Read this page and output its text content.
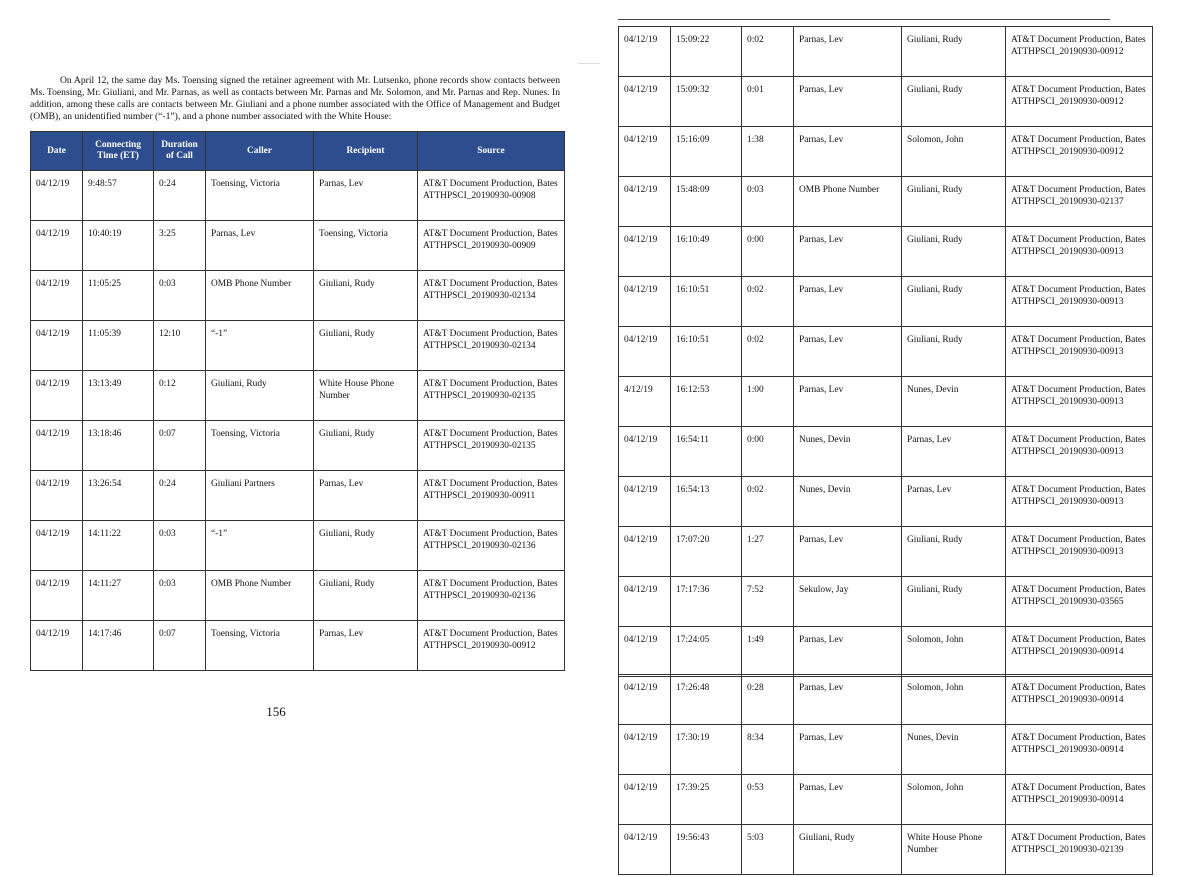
On April 12, the same day Ms. Toensing signed the retainer agreement with Mr. Lutsenko, phone records show contacts between Ms. Toensing, Mr. Giuliani, and Mr. Parnas, as well as contacts between Mr. Parnas and Mr. Solomon, and Mr. Parnas and Rep. Nunes. In addition, among these calls are contacts between Mr. Giuliani and a phone number associated with the Office of Management and Budget (OMB), an unidentified number (“-1”), and a phone number associated with the White House:

Date	Connecting Time (ET)	Duration of Call	Caller	Recipient	Source
04/12/19	9:48:57	0:24	Toensing, Victoria	Parnas, Lev	AT&T Document Production, Bates ATTHPSCI_20190930-00908
04/12/19	10:40:19	3:25	Parnas, Lev	Toensing, Victoria	AT&T Document Production, Bates ATTHPSCI_20190930-00909
04/12/19	11:05:25	0:03	OMB Phone Number	Giuliani, Rudy	AT&T Document Production, Bates ATTHPSCI_20190930-02134
04/12/19	11:05:39	12:10	“-1”	Giuliani, Rudy	AT&T Document Production, Bates ATTHPSCI_20190930-02134
04/12/19	13:13:49	0:12	Giuliani, Rudy	White House Phone Number	AT&T Document Production, Bates ATTHPSCI_20190930-02135
04/12/19	13:18:46	0:07	Toensing, Victoria	Giuliani, Rudy	AT&T Document Production, Bates ATTHPSCI_20190930-02135
04/12/19	13:26:54	0:24	Giuliani Partners	Parnas, Lev	AT&T Document Production, Bates ATTHPSCI_20190930-00911
04/12/19	14:11:22	0:03	“-1”	Giuliani, Rudy	AT&T Document Production, Bates ATTHPSCI_20190930-02136
04/12/19	14:11:27	0:03	OMB Phone Number	Giuliani, Rudy	AT&T Document Production, Bates ATTHPSCI_20190930-02136
04/12/19	14:17:46	0:07	Toensing, Victoria	Parnas, Lev	AT&T Document Production, Bates ATTHPSCI_20190930-00912
156
04/12/19	15:09:22	0:02	Parnas, Lev	Giuliani, Rudy	AT&T Document Production, Bates ATTHPSCI_20190930-00912
04/12/19	15:09:32	0:01	Parnas, Lev	Giuliani, Rudy	AT&T Document Production, Bates ATTHPSCI_20190930-00912
04/12/19	15:16:09	1:38	Parnas, Lev	Solomon, John	AT&T Document Production, Bates ATTHPSCI_20190930-00912
04/12/19	15:48:09	0:03	OMB Phone Number	Giuliani, Rudy	AT&T Document Production, Bates ATTHPSCI_20190930-02137
04/12/19	16:10:49	0:00	Parnas, Lev	Giuliani, Rudy	AT&T Document Production, Bates ATTHPSCI_20190930-00913
04/12/19	16:10:51	0:02	Parnas, Lev	Giuliani, Rudy	AT&T Document Production, Bates ATTHPSCI_20190930-00913
04/12/19	16:10:51	0:02	Parnas, Lev	Giuliani, Rudy	AT&T Document Production, Bates ATTHPSCI_20190930-00913
4/12/19	16:12:53	1:00	Parnas, Lev	Nunes, Devin	AT&T Document Production, Bates ATTHPSCI_20190930-00913
04/12/19	16:54:11	0:00	Nunes, Devin	Parnas, Lev	AT&T Document Production, Bates ATTHPSCI_20190930-00913
04/12/19	16:54:13	0:02	Nunes, Devin	Parnas, Lev	AT&T Document Production, Bates ATTHPSCI_20190930-00913
04/12/19	17:07:20	1:27	Parnas, Lev	Giuliani, Rudy	AT&T Document Production, Bates ATTHPSCI_20190930-00913
04/12/19	17:17:36	7:52	Sekulow, Jay	Giuliani, Rudy	AT&T Document Production, Bates ATTHPSCI_20190930-03565
04/12/19	17:24:05	1:49	Parnas, Lev	Solomon, John	AT&T Document Production, Bates ATTHPSCI_20190930-00914
04/12/19	17:26:48	0:28	Parnas, Lev	Solomon, John	AT&T Document Production, Bates ATTHPSCI_20190930-00914
04/12/19	17:30:19	8:34	Parnas, Lev	Nunes, Devin	AT&T Document Production, Bates ATTHPSCI_20190930-00914
04/12/19	17:39:25	0:53	Parnas, Lev	Solomon, John	AT&T Document Production, Bates ATTHPSCI_20190930-00914
04/12/19	19:56:43	5:03	Giuliani, Rudy	White House Phone Number	AT&T Document Production, Bates ATTHPSCI_20190930-02139
